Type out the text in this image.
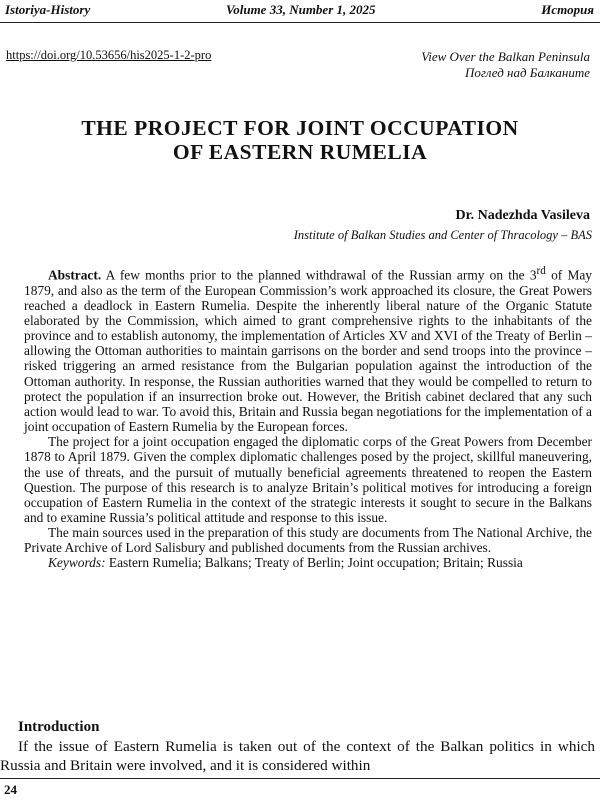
Istoriya-History	Volume 33, Number 1, 2025	История
https://doi.org/10.53656/his2025-1-2-pro	View Over the Balkan Peninsula
Поглед над Балканите
THE PROJECT FOR JOINT OCCUPATION
OF EASTERN RUMELIA
Dr. Nadezhda Vasileva
Institute of Balkan Studies and Center of Thracology – BAS

Abstract. A few months prior to the planned withdrawal of the Russian army on the 3rd of May 1879, and also as the term of the European Commission’s work approached its closure, the Great Powers reached a deadlock in Eastern Rumelia. Despite the inherently liberal nature of the Organic Statute elaborated by the Commission, which aimed to grant comprehensive rights to the inhabitants of the province and to establish autonomy, the implementation of Articles XV and XVI of the Treaty of Berlin – allowing the Ottoman authorities to maintain garrisons on the border and send troops into the province – risked triggering an armed resistance from the Bulgarian population against the introduction of the Ottoman authority. In response, the Russian authorities warned that they would be compelled to return to protect the population if an insurrection broke out. However, the British cabinet declared that any such action would lead to war. To avoid this, Britain and Russia began negotiations for the implementation of a joint occupation of Eastern Rumelia by the European forces.

The project for a joint occupation engaged the diplomatic corps of the Great Powers from December 1878 to April 1879. Given the complex diplomatic challenges posed by the project, skillful maneuvering, the use of threats, and the pursuit of mutually beneficial agreements threatened to reopen the Eastern Question. The purpose of this research is to analyze Britain’s political motives for introducing a foreign occupation of Eastern Rumelia in the context of the strategic interests it sought to secure in the Balkans and to examine Russia’s political attitude and response to this issue.

The main sources used in the preparation of this study are documents from The National Archive, the Private Archive of Lord Salisbury and published documents from the Russian archives.

Keywords: Eastern Rumelia; Balkans; Treaty of Berlin; Joint occupation; Britain; Russia

Introduction

If the issue of Eastern Rumelia is taken out of the context of the Balkan politics in which Russia and Britain were involved, and it is considered within

24
